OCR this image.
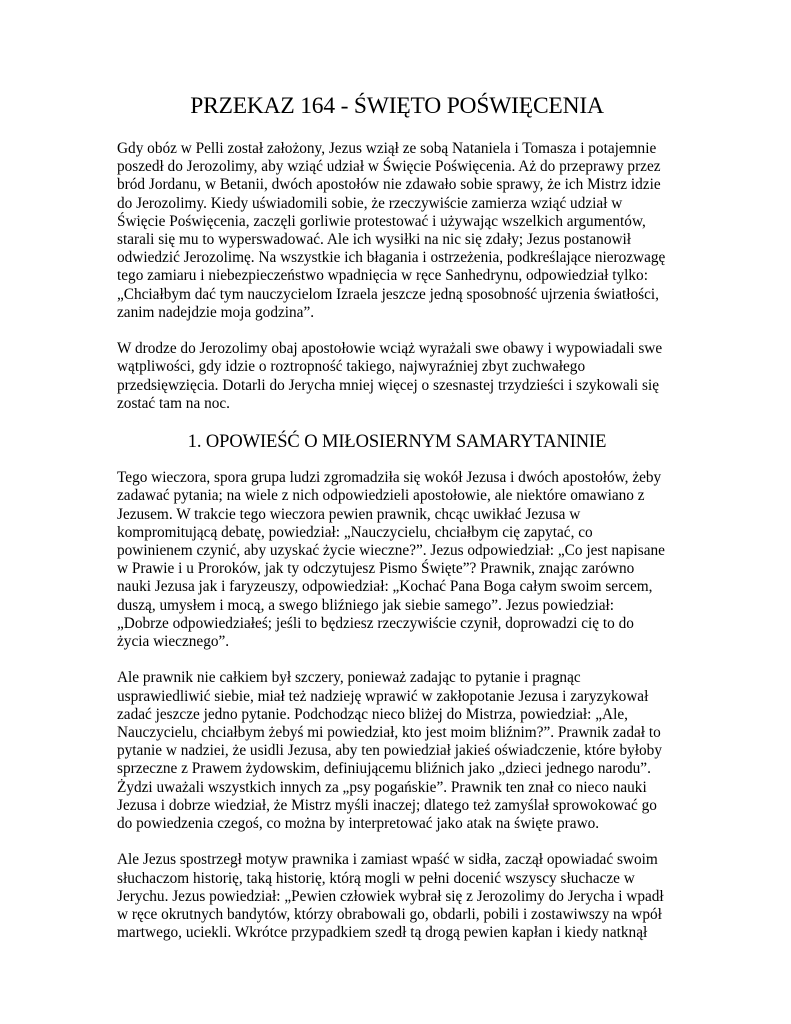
PRZEKAZ 164 - ŚWIĘTO POŚWIĘCENIA

Gdy obóz w Pelli został założony, Jezus wziął ze sobą Nataniela i Tomasza i potajemnie
poszedł do Jerozolimy, aby wziąć udział w Święcie Poświęcenia. Aż do przeprawy przez
bród Jordanu, w Betanii, dwóch apostołów nie zdawało sobie sprawy, że ich Mistrz idzie
do Jerozolimy. Kiedy uświadomili sobie, że rzeczywiście zamierza wziąć udział w
Święcie Poświęcenia, zaczęli gorliwie protestować i używając wszelkich argumentów,
starali się mu to wyperswadować. Ale ich wysiłki na nic się zdały; Jezus postanowił
odwiedzić Jerozolimę. Na wszystkie ich błagania i ostrzeżenia, podkreślające nierozwagę
tego zamiaru i niebezpieczeństwo wpadnięcia w ręce Sanhedrynu, odpowiedział tylko:
„Chciałbym dać tym nauczycielom Izraela jeszcze jedną sposobność ujrzenia światłości,
zanim nadejdzie moja godzina”.

W drodze do Jerozolimy obaj apostołowie wciąż wyrażali swe obawy i wypowiadali swe
wątpliwości, gdy idzie o roztropność takiego, najwyraźniej zbyt zuchwałego
przedsięwzięcia. Dotarli do Jerycha mniej więcej o szesnastej trzydzieści i szykowali się
zostać tam na noc.

1. OPOWIEŚĆ O MIŁOSIERNYM SAMARYTANINIE

Tego wieczora, spora grupa ludzi zgromadziła się wokół Jezusa i dwóch apostołów, żeby
zadawać pytania; na wiele z nich odpowiedzieli apostołowie, ale niektóre omawiano z
Jezusem. W trakcie tego wieczora pewien prawnik, chcąc uwikłać Jezusa w
kompromitującą debatę, powiedział: „Nauczycielu, chciałbym cię zapytać, co
powinienem czynić, aby uzyskać życie wieczne?”. Jezus odpowiedział: „Co jest napisane
w Prawie i u Proroków, jak ty odczytujesz Pismo Święte”? Prawnik, znając zarówno
nauki Jezusa jak i faryzeuszy, odpowiedział: „Kochać Pana Boga całym swoim sercem,
duszą, umysłem i mocą, a swego bliźniego jak siebie samego”. Jezus powiedział:
„Dobrze odpowiedziałeś; jeśli to będziesz rzeczywiście czynił, doprowadzi cię to do
życia wiecznego”.

Ale prawnik nie całkiem był szczery, ponieważ zadając to pytanie i pragnąc
usprawiedliwić siebie, miał też nadzieję wprawić w zakłopotanie Jezusa i zaryzykował
zadać jeszcze jedno pytanie. Podchodząc nieco bliżej do Mistrza, powiedział: „Ale,
Nauczycielu, chciałbym żebyś mi powiedział, kto jest moim bliźnim?”. Prawnik zadał to
pytanie w nadziei, że usidli Jezusa, aby ten powiedział jakieś oświadczenie, które byłoby
sprzeczne z Prawem żydowskim, definiującemu bliźnich jako „dzieci jednego narodu”.
Żydzi uważali wszystkich innych za „psy pogańskie”. Prawnik ten znał co nieco nauki
Jezusa i dobrze wiedział, że Mistrz myśli inaczej; dlatego też zamyślał sprowokować go
do powiedzenia czegoś, co można by interpretować jako atak na święte prawo.

Ale Jezus spostrzegł motyw prawnika i zamiast wpaść w sidła, zaczął opowiadać swoim
słuchaczom historię, taką historię, którą mogli w pełni docenić wszyscy słuchacze w
Jerychu. Jezus powiedział: „Pewien człowiek wybrał się z Jerozolimy do Jerycha i wpadł
w ręce okrutnych bandytów, którzy obrabowali go, obdarli, pobili i zostawiwszy na wpół
martwego, uciekli. Wkrótce przypadkiem szedł tą drogą pewien kapłan i kiedy natknął
